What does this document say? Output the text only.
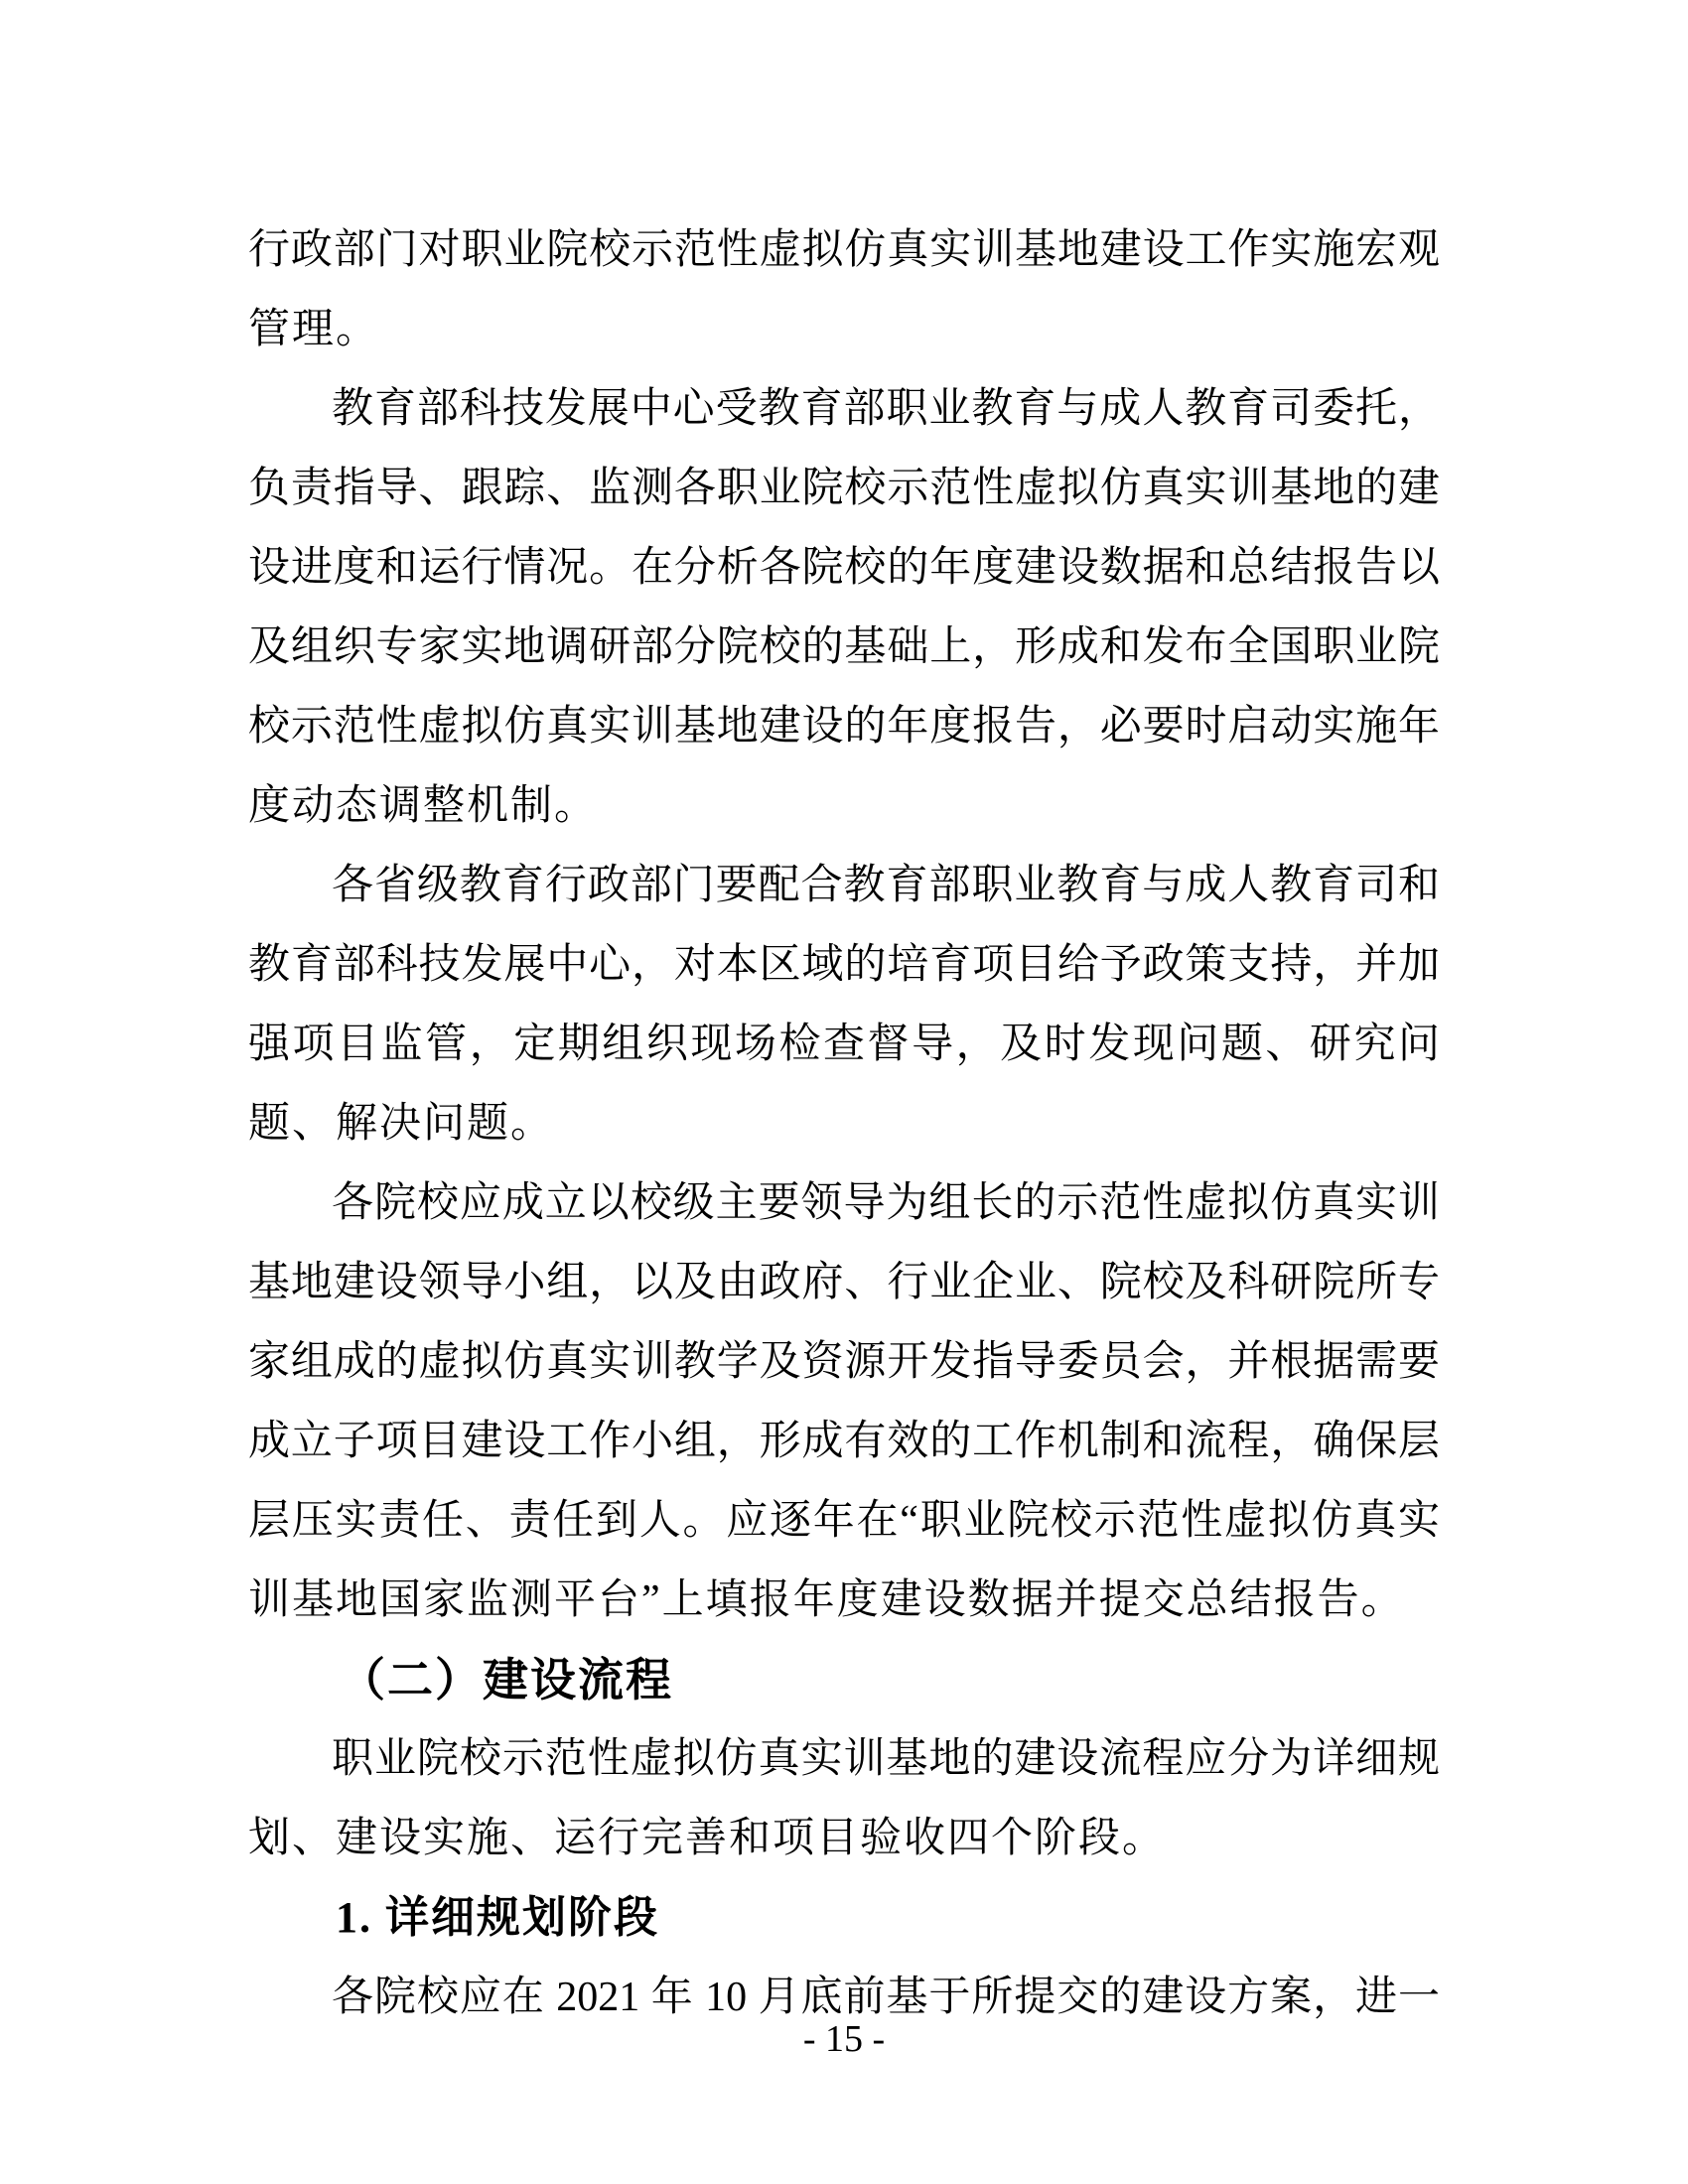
行政部门对职业院校示范性虚拟仿真实训基地建设工作实施宏观
管理。
教育部科技发展中心受教育部职业教育与成人教育司委托，
负责指导、跟踪、监测各职业院校示范性虚拟仿真实训基地的建
设进度和运行情况。在分析各院校的年度建设数据和总结报告以
及组织专家实地调研部分院校的基础上，形成和发布全国职业院
校示范性虚拟仿真实训基地建设的年度报告，必要时启动实施年
度动态调整机制。
各省级教育行政部门要配合教育部职业教育与成人教育司和
教育部科技发展中心，对本区域的培育项目给予政策支持，并加
强项目监管，定期组织现场检查督导，及时发现问题、研究问
题、解决问题。
各院校应成立以校级主要领导为组长的示范性虚拟仿真实训
基地建设领导小组，以及由政府、行业企业、院校及科研院所专
家组成的虚拟仿真实训教学及资源开发指导委员会，并根据需要
成立子项目建设工作小组，形成有效的工作机制和流程，确保层
层压实责任、责任到人。应逐年在“职业院校示范性虚拟仿真实
训基地国家监测平台”上填报年度建设数据并提交总结报告。
（二）建设流程
职业院校示范性虚拟仿真实训基地的建设流程应分为详细规
划、建设实施、运行完善和项目验收四个阶段。
1. 详细规划阶段
各院校应在 2021 年 10 月底前基于所提交的建设方案，进一
- 15 -
